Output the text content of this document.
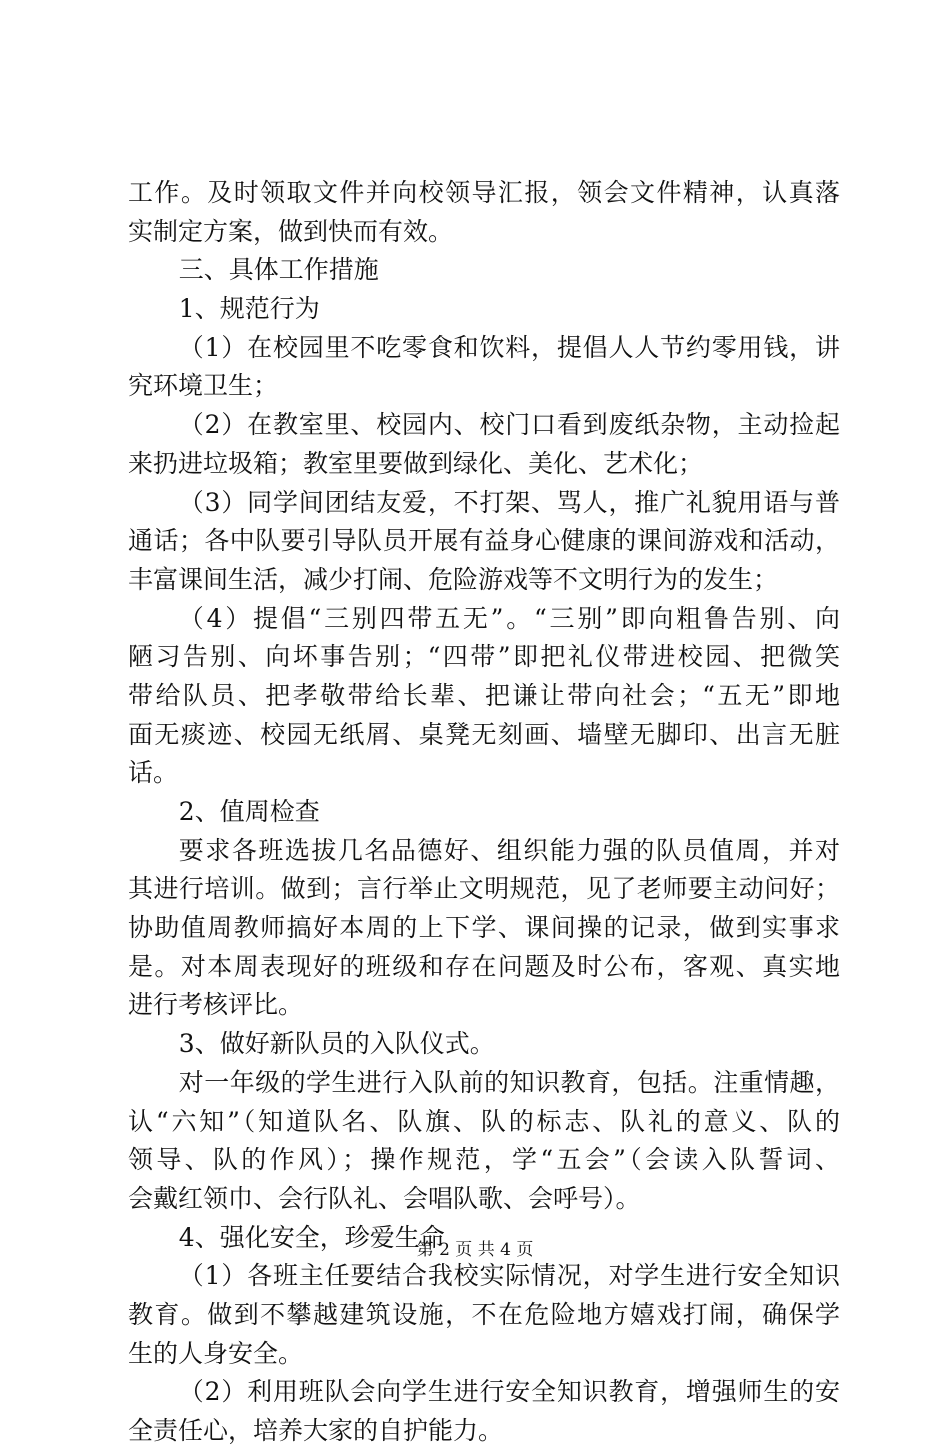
工作。及时领取文件并向校领导汇报，领会文件精神，认真落
实制定方案，做到快而有效。
三、具体工作措施
1、规范行为
（1）在校园里不吃零食和饮料，提倡人人节约零用钱，讲
究环境卫生；
（2）在教室里、校园内、校门口看到废纸杂物，主动捡起
来扔进垃圾箱；教室里要做到绿化、美化、艺术化；
（3）同学间团结友爱，不打架、骂人，推广礼貌用语与普
通话；各中队要引导队员开展有益身心健康的课间游戏和活动，
丰富课间生活，减少打闹、危险游戏等不文明行为的发生；
（4）提倡“三别四带五无”。“三别”即向粗鲁告别、向
陋习告别、向坏事告别；“四带”即把礼仪带进校园、把微笑
带给队员、把孝敬带给长辈、把谦让带向社会；“五无”即地
面无痰迹、校园无纸屑、桌凳无刻画、墙壁无脚印、出言无脏
话。
2、值周检查
要求各班选拔几名品德好、组织能力强的队员值周，并对
其进行培训。做到；言行举止文明规范，见了老师要主动问好；
协助值周教师搞好本周的上下学、课间操的记录，做到实事求
是。对本周表现好的班级和存在问题及时公布，客观、真实地
进行考核评比。
3、做好新队员的入队仪式。
对一年级的学生进行入队前的知识教育，包括。注重情趣，
认“六知”（知道队名、队旗、队的标志、队礼的意义、队的
领导、队的作风）；操作规范，学“五会”（会读入队誓词、
会戴红领巾、会行队礼、会唱队歌、会呼号）。
4、强化安全，珍爱生命
（1）各班主任要结合我校实际情况，对学生进行安全知识
教育。做到不攀越建筑设施，不在危险地方嬉戏打闹，确保学
生的人身安全。
（2）利用班队会向学生进行安全知识教育，增强师生的安
全责任心，培养大家的自护能力。
第 2 页 共 4 页
